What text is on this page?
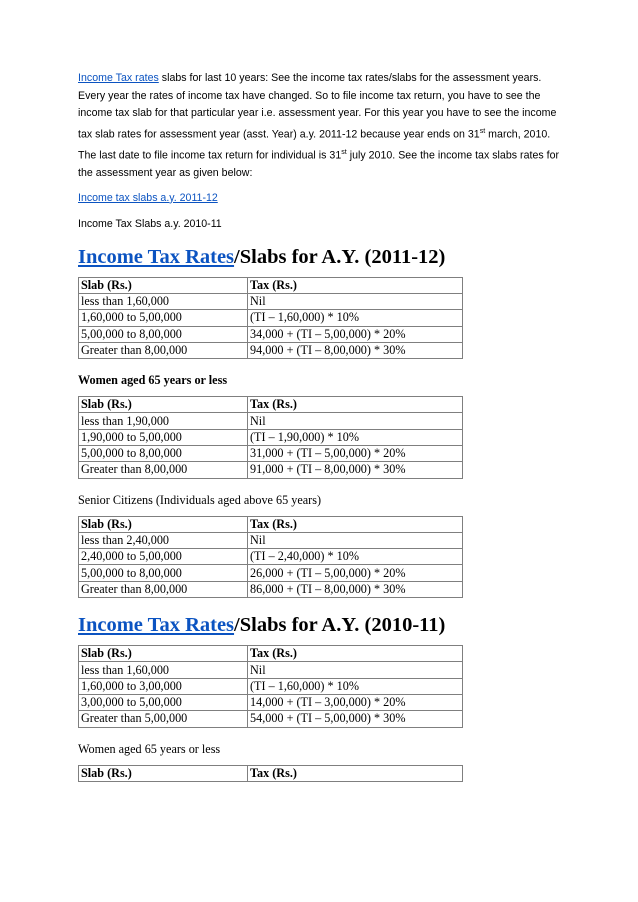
Income Tax rates slabs for last 10 years: See the income tax rates/slabs for the assessment years. Every year the rates of income tax have changed. So to file income tax return, you have to see the income tax slab for that particular year i.e. assessment year. For this year you have to see the income tax slab rates for assessment year (asst. Year) a.y. 2011-12 because year ends on 31st march, 2010. The last date to file income tax return for individual is 31st july 2010. See the income tax slabs rates for the assessment year as given below:

Income tax slabs a.y. 2011-12
Income Tax Slabs a.y. 2010-11
Income Tax Rates/Slabs for A.Y. (2011-12)
Slab (Rs.)	Tax (Rs.)
less than 1,60,000	Nil
1,60,000 to 5,00,000	(TI – 1,60,000) * 10%
5,00,000 to 8,00,000	34,000 + (TI – 5,00,000) * 20%
Greater than 8,00,000	94,000 + (TI – 8,00,000) * 30%

Women aged 65 years or less

Slab (Rs.)	Tax (Rs.)
less than 1,90,000	Nil
1,90,000 to 5,00,000	(TI – 1,90,000) * 10%
5,00,000 to 8,00,000	31,000 + (TI – 5,00,000) * 20%
Greater than 8,00,000	91,000 + (TI – 8,00,000) * 30%

Senior Citizens (Individuals aged above 65 years)

Slab (Rs.)	Tax (Rs.)
less than 2,40,000	Nil
2,40,000 to 5,00,000	(TI – 2,40,000) * 10%
5,00,000 to 8,00,000	26,000 + (TI – 5,00,000) * 20%
Greater than 8,00,000	86,000 + (TI – 8,00,000) * 30%
Income Tax Rates/Slabs for A.Y. (2010-11)
Slab (Rs.)	Tax (Rs.)
less than 1,60,000	Nil
1,60,000 to 3,00,000	(TI – 1,60,000) * 10%
3,00,000 to 5,00,000	14,000 + (TI – 3,00,000) * 20%
Greater than 5,00,000	54,000 + (TI – 5,00,000) * 30%

Women aged 65 years or less

Slab (Rs.)	Tax (Rs.)
